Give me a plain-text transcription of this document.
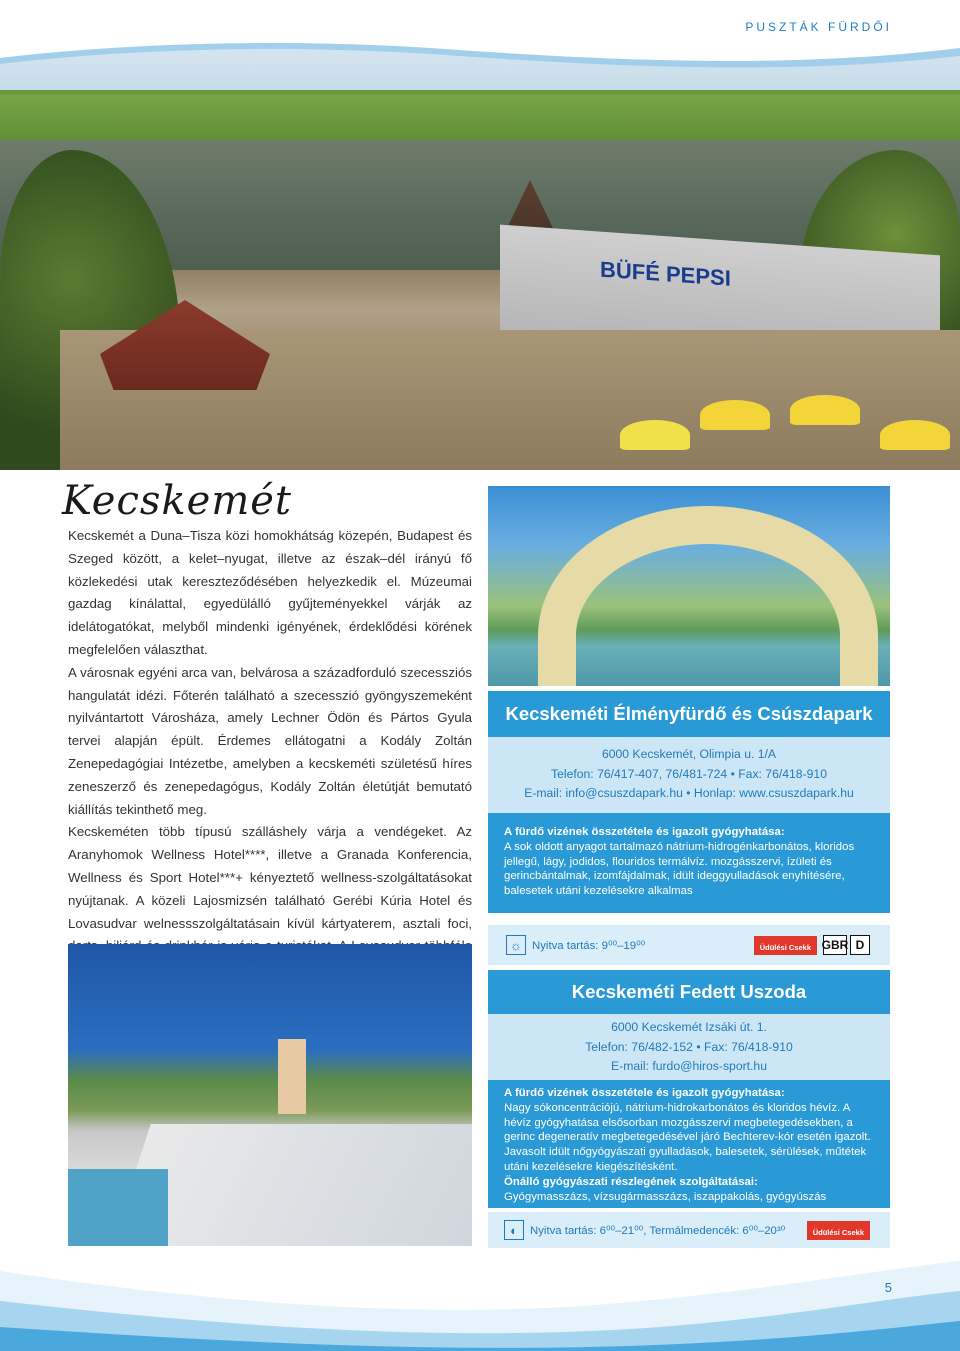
BÜFÉ PEPSI
PUSZTÁK FÜRDŐI
Kecskemét

Kecskemét a Duna–Tisza közi homokhátság közepén, Budapest és Szeged között, a kelet–nyugat, illetve az észak–dél irányú fő közlekedési utak kereszteződésében helyezkedik el. Múzeumai gazdag kínálattal, egyedülálló gyűjteményekkel várják az idelátogatókat, melyből mindenki igényének, érdeklődési körének megfelelően választhat.

A városnak egyéni arca van, belvárosa a századforduló szecessziós hangulatát idézi. Főterén található a szecesszió gyöngyszemeként nyilvántartott Városháza, amely Lechner Ödön és Pártos Gyula tervei alapján épült. Érdemes ellátogatni a Kodály Zoltán Zenepedagógiai Intézetbe, amelyben a kecskeméti születésű híres zeneszerző és zenepedagógus, Kodály Zoltán életútját bemutató kiállítás tekinthető meg.

Kecskeméten több típusú szálláshely várja a vendégeket. Az Aranyhomok Wellness Hotel****, illetve a Granada Konferencia, Wellness és Sport Hotel***+ kényeztető wellness-szolgáltatásokat nyújtanak. A közeli Lajosmizsén található Gerébi Kúria Hotel és Lovasudvar welnessszolgáltatásain kívül kártyaterem, asztali foci,

Kecskeméti Élményfürdő és Csúszdapark
6000 Kecskemét, Olimpia u. 1/A
Telefon: 76/417-407, 76/481-724 • Fax: 76/418-910
E-mail: info@csuszdapark.hu • Honlap: www.csuszdapark.hu
A fürdő vizének összetétele és igazolt gyógyhatása:
A sok oldott anyagot tartalmazó nátrium-hidrogénkarbonátos, kloridos jellegű, lágy, jodidos, flouridos termálvíz. mozgásszervi, ízületi és gerincbántalmak, izomfájdalmak, idült ideggyulladások enyhítésére, balesetek utáni kezelésekre alkalmas
☼ Nyitva tartás: 9⁰⁰–19⁰⁰	Üdülési Csekk GBR D
Kecskeméti Fedett Uszoda
6000 Kecskemét Izsáki út. 1.
Telefon: 76/482-152 • Fax: 76/418-910
E-mail: furdo@hiros-sport.hu
A fürdő vizének összetétele és igazolt gyógyhatása:
Nagy sókoncentrációjú, nátrium-hidrokarbonátos és kloridos hévíz. A hévíz gyógyhatása elsősorban mozgásszervi megbetegedésekben, a gerinc degeneratív megbetegedésével járó Bechterev-kór esetén igazolt. Javasolt idült nőgyógyászati gyulladások, balesetek, sérülések, műtétek utáni kezelésekre kiegészítésként.
Önálló gyógyászati részlegének szolgáltatásai:
Gyógymasszázs, vízsugármasszázs, iszappakolás, gyógyúszás
◐	Nyitva tartás: 6⁰⁰–21⁰⁰, Termálmedencék: 6⁰⁰–20³⁰	Üdülési Csekk
5
